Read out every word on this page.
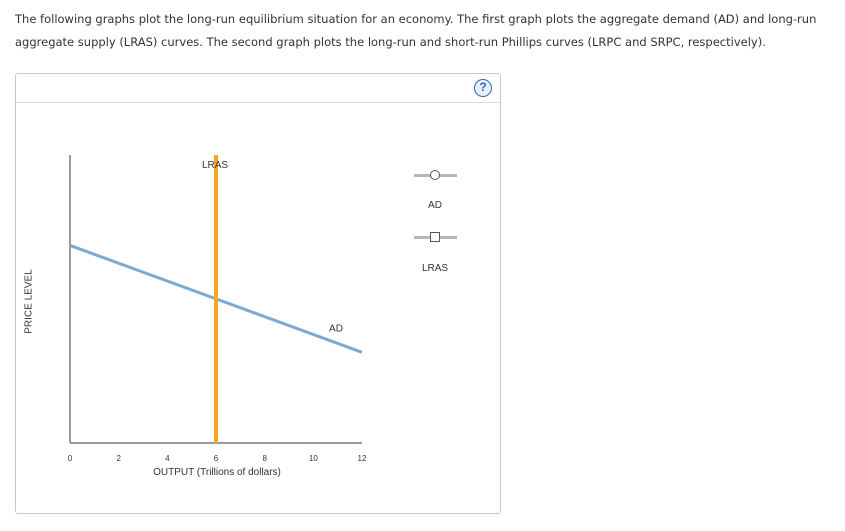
The following graphs plot the long-run equilibrium situation for an economy. The first graph plots the aggregate demand (AD) and long-run aggregate supply (LRAS) curves. The second graph plots the long-run and short-run Phillips curves (LRPC and SRPC, respectively).

?
0	2	4	6	8	10	12
LRAS
AD
PRICE LEVEL
OUTPUT (Trillions of dollars)
AD
LRAS
